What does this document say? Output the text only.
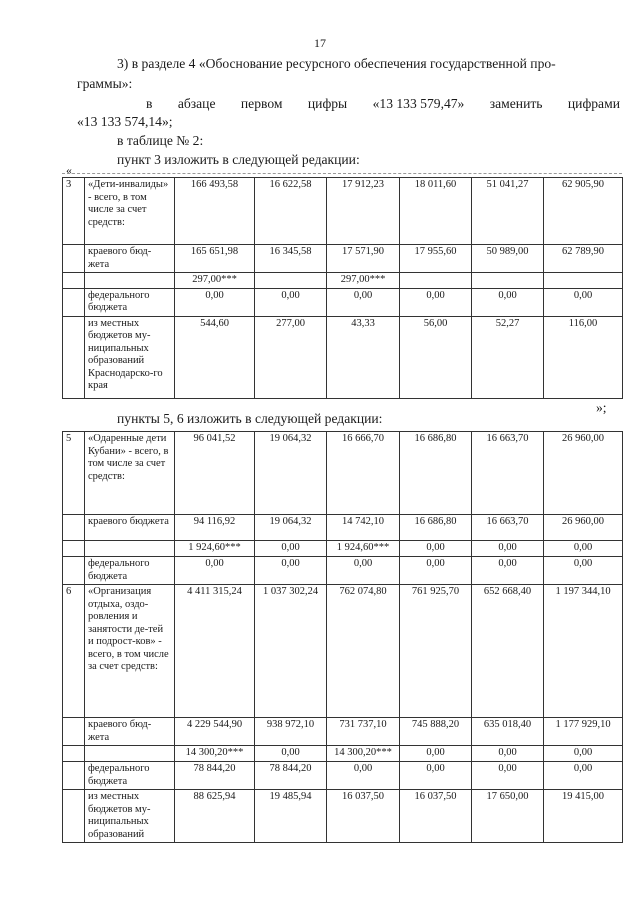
17
3) в разделе 4 «Обоснование ресурсного обеспечения государственной про-
граммы»:
в абзаце первом цифры «13 133 579,47» заменить цифрами
«13 133 574,14»;
в таблице № 2:
пункт 3 изложить в следующей редакции:
«
3	«Дети-инвалиды» - всего, в том числе за счет средств:	166 493,58	16 622,58	17 912,23	18 011,60	51 041,27	62 905,90
	краевого бюд-жета	165 651,98	16 345,58	17 571,90	17 955,60	50 989,00	62 789,90
		297,00***		297,00***			
	федерального бюджета	0,00	0,00	0,00	0,00	0,00	0,00
	из местных бюджетов му-ниципальных образований Краснодарско-го края	544,60	277,00	43,33	56,00	52,27	116,00
»;
пункты 5, 6 изложить в следующей редакции:
5	«Одаренные дети Кубани» - всего, в том числе за счет средств:	96 041,52	19 064,32	16 666,70	16 686,80	16 663,70	26 960,00
	краевого бюджета	94 116,92	19 064,32	14 742,10	16 686,80	16 663,70	26 960,00
		1 924,60***	0,00	1 924,60***	0,00	0,00	0,00
	федерального бюджета	0,00	0,00	0,00	0,00	0,00	0,00
6	«Организация отдыха, оздо-ровления и занятости де-тей и подрост-ков» - всего, в том числе за счет средств:	4 411 315,24	1 037 302,24	762 074,80	761 925,70	652 668,40	1 197 344,10
	краевого бюд-жета	4 229 544,90	938 972,10	731 737,10	745 888,20	635 018,40	1 177 929,10
		14 300,20***	0,00	14 300,20***	0,00	0,00	0,00
	федерального бюджета	78 844,20	78 844,20	0,00	0,00	0,00	0,00
	из местных бюджетов му-ниципальных образований	88 625,94	19 485,94	16 037,50	16 037,50	17 650,00	19 415,00
